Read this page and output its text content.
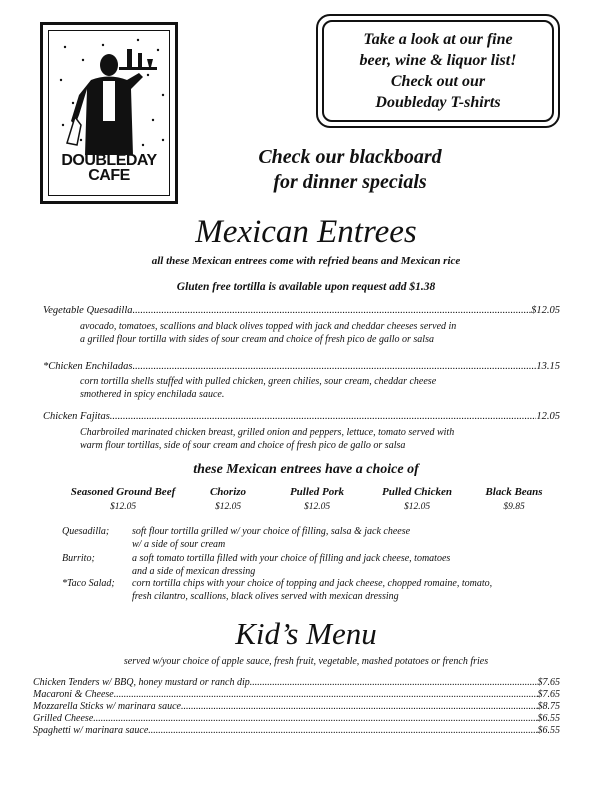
DOUBLEDAY
CAFE
Take a look at our fine
beer, wine & liquor list!
Check out our
Doubleday T-shirts
Check our blackboard
for dinner specials
Mexican Entrees
all these Mexican entrees come with refried beans and Mexican rice
Gluten free tortilla is available upon request add $1.38
Vegetable Quesadilla .....	$12.05
avocado, tomatoes, scallions and black olives topped with jack and cheddar cheeses served in
a grilled flour tortilla with sides of sour cream and choice of fresh pico de gallo or salsa
*Chicken Enchiladas .....	13.15
corn tortilla shells stuffed with pulled chicken, green chilies, sour cream, cheddar cheese
smothered in spicy enchilada sauce.
Chicken Fajitas .....	12.05
Charbroiled marinated chicken breast, grilled onion and peppers, lettuce, tomato served with
warm flour tortillas, side of sour cream and choice of fresh pico de gallo or salsa
these Mexican entrees have a choice of
Seasoned Ground Beef	Chorizo	Pulled Pork	Pulled Chicken	Black Beans
$12.05	$12.05	$12.05	$12.05	$9.85
Quesadilla; soft flour tortilla grilled w/ your choice of filling, salsa & jack cheese
w/ a side of sour cream
Burrito;	a soft tomato tortilla filled with your choice of filling and jack cheese, tomatoes
and a side of mexican dressing
*Taco Salad; corn tortilla chips with your choice of topping and jack cheese, chopped romaine, tomato,
fresh cilantro, scallions, black olives served with mexican dressing
Kid’s Menu
served w/your choice of apple sauce, fresh fruit, vegetable, mashed potatoes or french fries
Chicken Tenders w/ BBQ, honey mustard or ranch dip .....	$7.65
Macaroni & Cheese .....	$7.65
Mozzarella Sticks w/ marinara sauce .....	$8.75
Grilled Cheese .....	$6.55
Spaghetti w/ marinara sauce .....	$6.55
